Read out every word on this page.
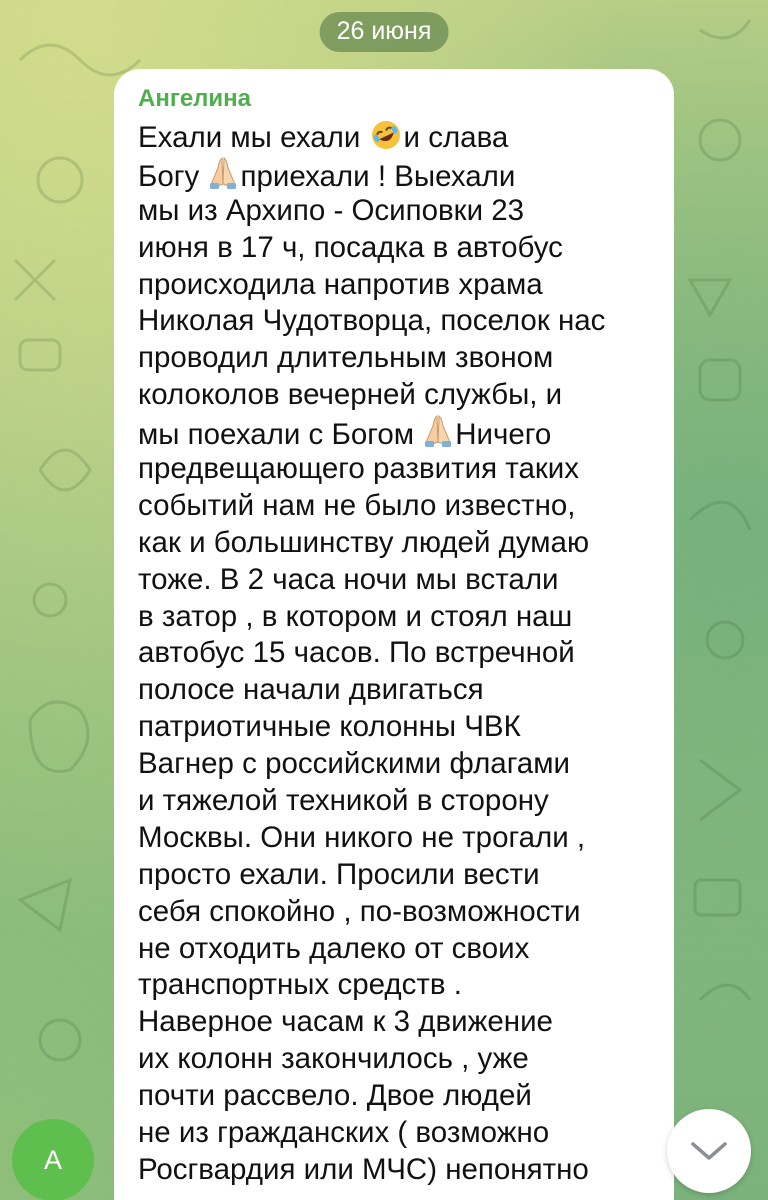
26 июня
Ангелина
Ехали мы ехали и слава
Богу приехали ! Выехали
мы из Архипо - Осиповки 23
июня в 17 ч, посадка в автобус
происходила напротив храма
Николая Чудотворца, поселок нас
проводил длительным звоном
колоколов вечерней службы, и
мы поехали с Богом Ничего
предвещающего развития таких
событий нам не было известно,
как и большинству людей думаю
тоже. В 2 часа ночи мы встали
в затор , в котором и стоял наш
автобус 15 часов. По встречной
полосе начали двигаться
патриотичные колонны ЧВК
Вагнер с российскими флагами
и тяжелой техникой в сторону
Москвы. Они никого не трогали ,
просто ехали. Просили вести
себя спокойно , по-возможности
не отходить далеко от своих
транспортных средств .
Наверное часам к 3 движение
их колонн закончилось , уже
почти рассвело. Двое людей
не из гражданских ( возможно
Росгвардия или МЧС) непонятно
А
